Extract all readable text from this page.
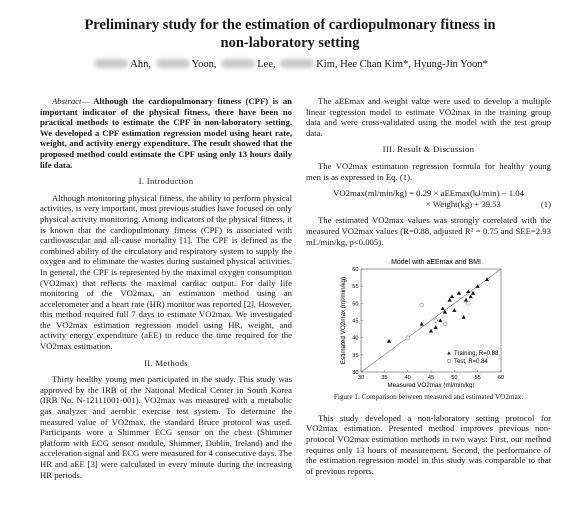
Preliminary study for the estimation of cardiopulmonary fitness in
non-laboratory setting
Ahn,	Yoon,	Lee,	Kim, Hee Chan Kim*, Hyung-Jin Yoon*

Abstract— Although the cardiopulmonary fitness (CPF) is an important indicator of the physical fitness, there have been no practical methods to estimate the CPF in non-laboratory setting. We developed a CPF estimation regression model using heart rate, weight, and activity energy expenditure. The result showed that the proposed method could estimate the CPF using only 13 hours daily life data.

I. Introduction

Although monitoring physical fitness, the ability to perform physical activities, is very important, most previous studies have focused on only physical activity monitoring. Among indicators of the physical fitness, it is known that the cardiopulmonary fitness (CPF) is associated with cardiovascular and all-cause mortality [1]. The CPF is defined as the combined ability of the circulatory and respiratory system to supply the oxygen and to eliminate the wastes during sustained physical activities. In general, the CPF is represented by the maximal oxygen consumption (VO2max) that reflects the maximal cardiac output. For daily life monitoring of the VO2max, an estimation method using an accelerometer and a heart rate (HR) monitor was reported [2]. However, this method required full 7 days to estimate VO2max. We investigated the VO2max estimation regression model using HR, weight, and activity energy expenditure (aEE) to reduce the time required for the VO2max estimation.

II. Methods

Thirty healthy young men participated in the study. This study was approved by the IRB of the National Medical Center in South Korea (IRB No. N-12111001-001). VO2max was measured with a metabolic gas analyzer and aerobic exercise test system. To determine the measured value of VO2max, the standard Bruce protocol was used. Participants wore a Shimmer ECG sensor on the chest (Shimmer platform with ECG sensor module, Shimmer, Dublin, Ireland) and the acceleration signal and ECG were measured for 4 consecutive days. The HR and aEE [3] were calculated in every minute during the increasing HR periods.

The aEEmax and weight value were used to develop a multiple linear regression model to estimate VO2max in the training group data and were cross-validated using the model with the test group data.

III. Result & Discussion

The VO2max estimation regression formula for healthy young men is as expressed in Eq. (1).

VO2max(ml/min/kg) = 0.29 × aEEmax(kJ/min) − 1.04
× Weight(kg) + 39.53	(1)

The estimated VO2max values was strongly correlated with the measured VO2max values (R=0.88, adjusted R² = 0.75 and SEE=2.93 mL/min/kg, p<0.005).

Model with aEEmax and BMI
30	35	40	45	50	55	60
30
35
40
45
50
55
60
Measured VO2max (ml/min/kg)
Estimated VO2max (ml/min/kg)	Training, R=0.88
Test, R=0.84
Figure 1. Comparison between measured and estimated VO2max.

This study developed a non-laboratory setting protocol for VO2max estimation. Presented method improves previous non-protocol VO2max estimation methods in two ways: First, our method requires only 13 hours of measurement. Second, the performance of the estimation regression model in this study was comparable to that of previous reports.
